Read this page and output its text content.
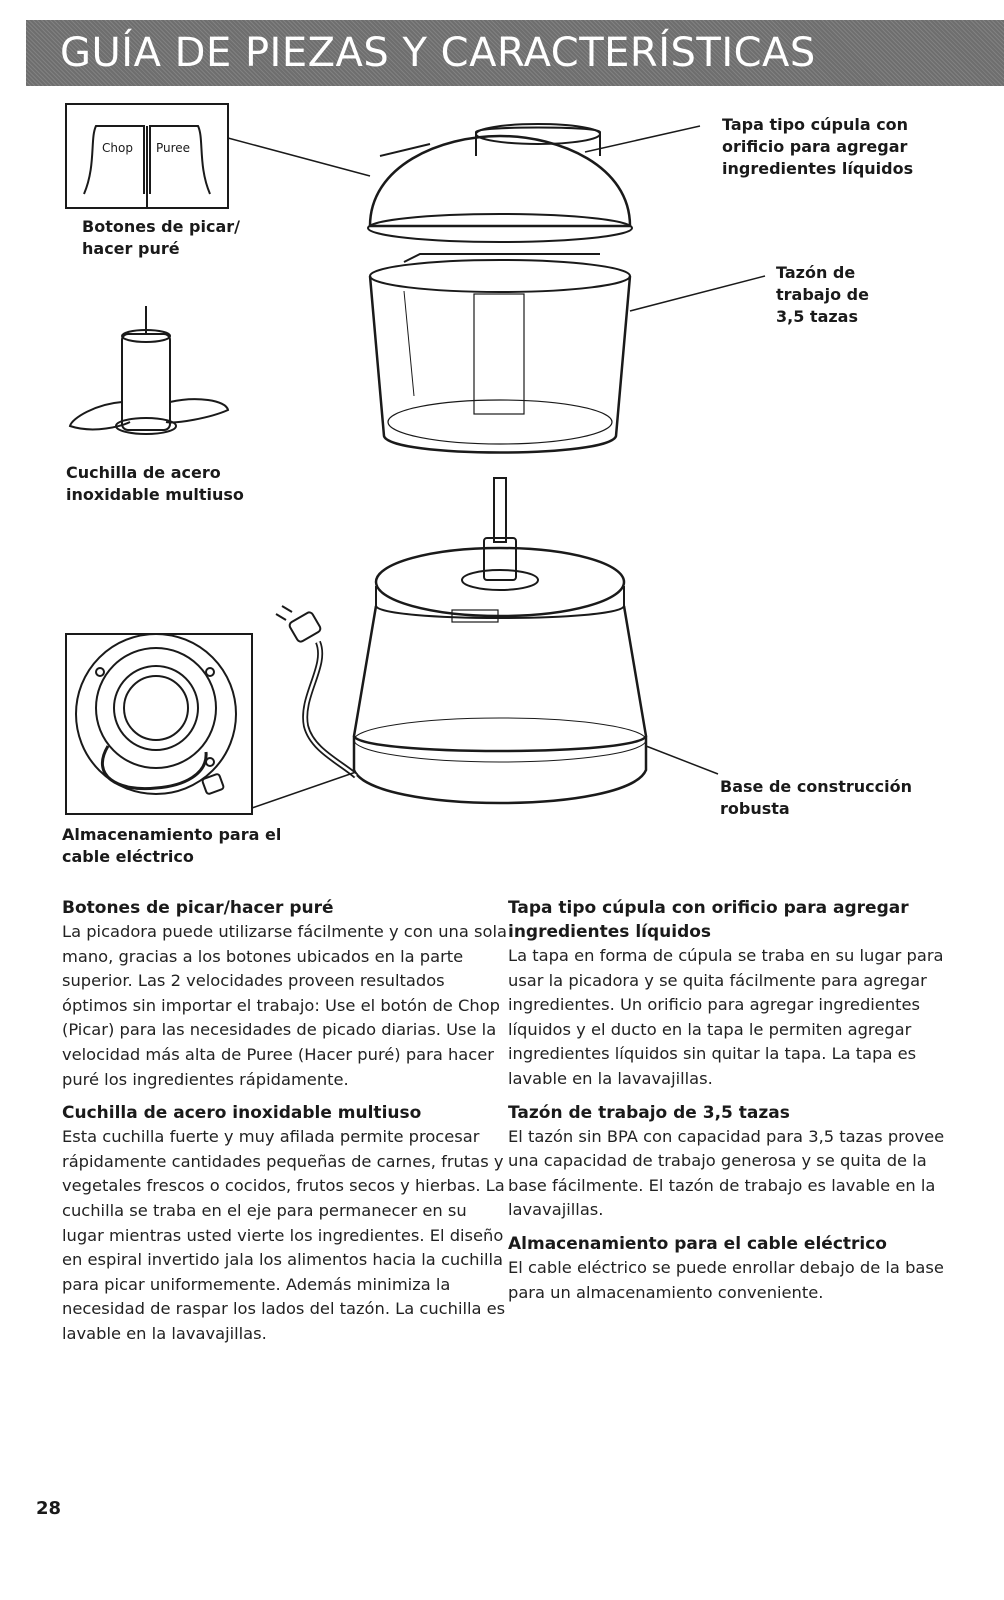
GUÍA DE PIEZAS Y CARACTERÍSTICAS
Chop Puree
Botones de picar/ hacer puré
Cuchilla de acero inoxidable multiuso
Almacenamiento para el cable eléctrico
Tapa tipo cúpula con orificio para agregar ingredientes líquidos
Tazón de trabajo de 3,5 tazas
Base de construcción robusta
Botones de picar/hacer puré

La picadora puede utilizarse fácilmente y con una sola mano, gracias a los botones ubicados en la parte superior. Las 2 velocidades proveen resultados óptimos sin importar el trabajo: Use el botón de Chop (Picar) para las necesidades de picado diarias. Use la velocidad más alta de Puree (Hacer puré) para hacer puré los ingredientes rápidamente.

Cuchilla de acero inoxidable multiuso

Esta cuchilla fuerte y muy afilada permite procesar rápidamente cantidades pequeñas de carnes, frutas y vegetales frescos o cocidos, frutos secos y hierbas. La cuchilla se traba en el eje para permanecer en su lugar mientras usted vierte los ingredientes. El diseño en espiral invertido jala los alimentos hacia la cuchilla para picar uniformemente. Además minimiza la necesidad de raspar los lados del tazón. La cuchilla es lavable en la lavavajillas.

Tapa tipo cúpula con orificio para agregar ingredientes líquidos

La tapa en forma de cúpula se traba en su lugar para usar la picadora y se quita fácilmente para agregar ingredientes. Un orificio para agregar ingredientes líquidos y el ducto en la tapa le permiten agregar ingredientes líquidos sin quitar la tapa. La tapa es lavable en la lavavajillas.

Tazón de trabajo de 3,5 tazas

El tazón sin BPA con capacidad para 3,5 tazas provee una capacidad de trabajo generosa y se quita de la base fácilmente. El tazón de trabajo es lavable en la lavavajillas.

Almacenamiento para el cable eléctrico

El cable eléctrico se puede enrollar debajo de la base para un almacenamiento conveniente.

28
